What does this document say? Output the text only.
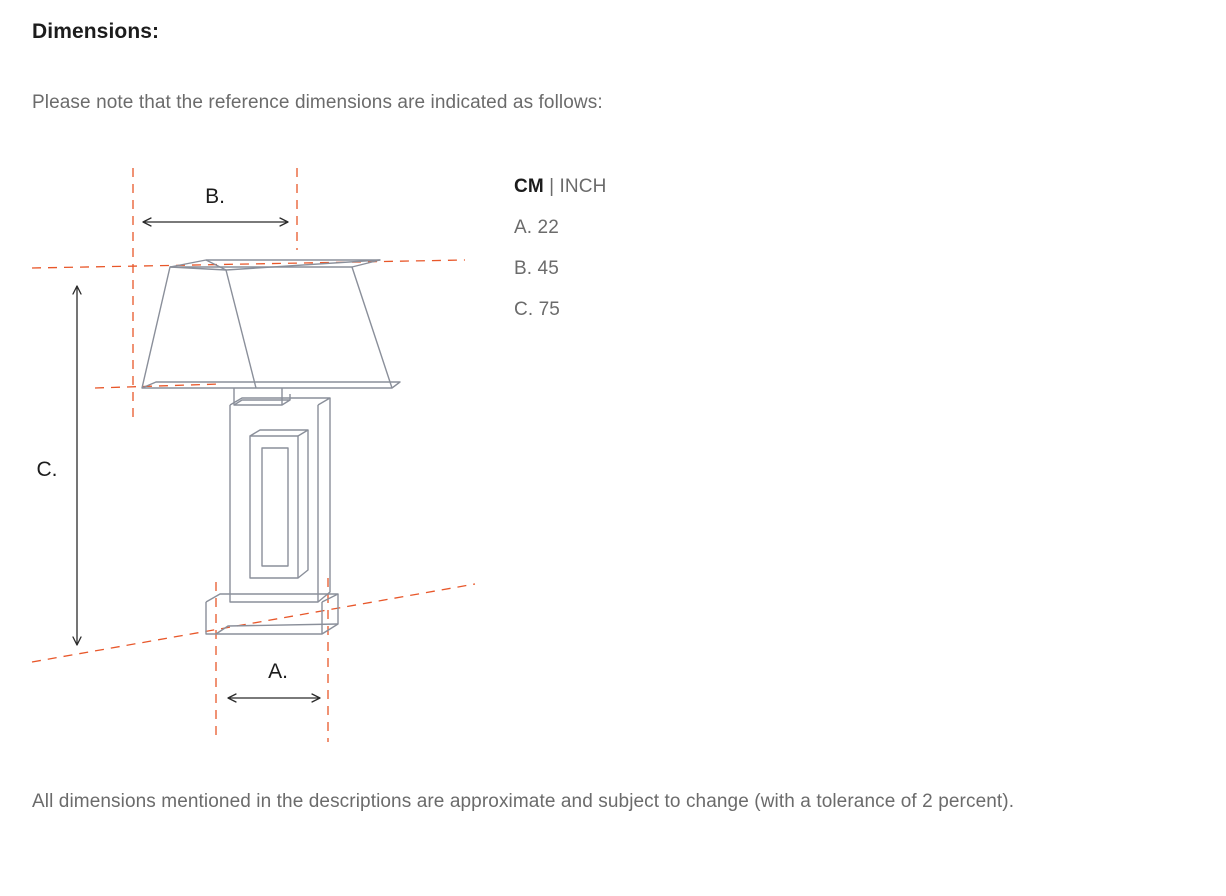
Dimensions:
Please note that the reference dimensions are indicated as follows:
B.
C.
A.
CM | INCH
A. 22
B. 45
C. 75
All dimensions mentioned in the descriptions are approximate and subject to change (with a tolerance of 2 percent).
